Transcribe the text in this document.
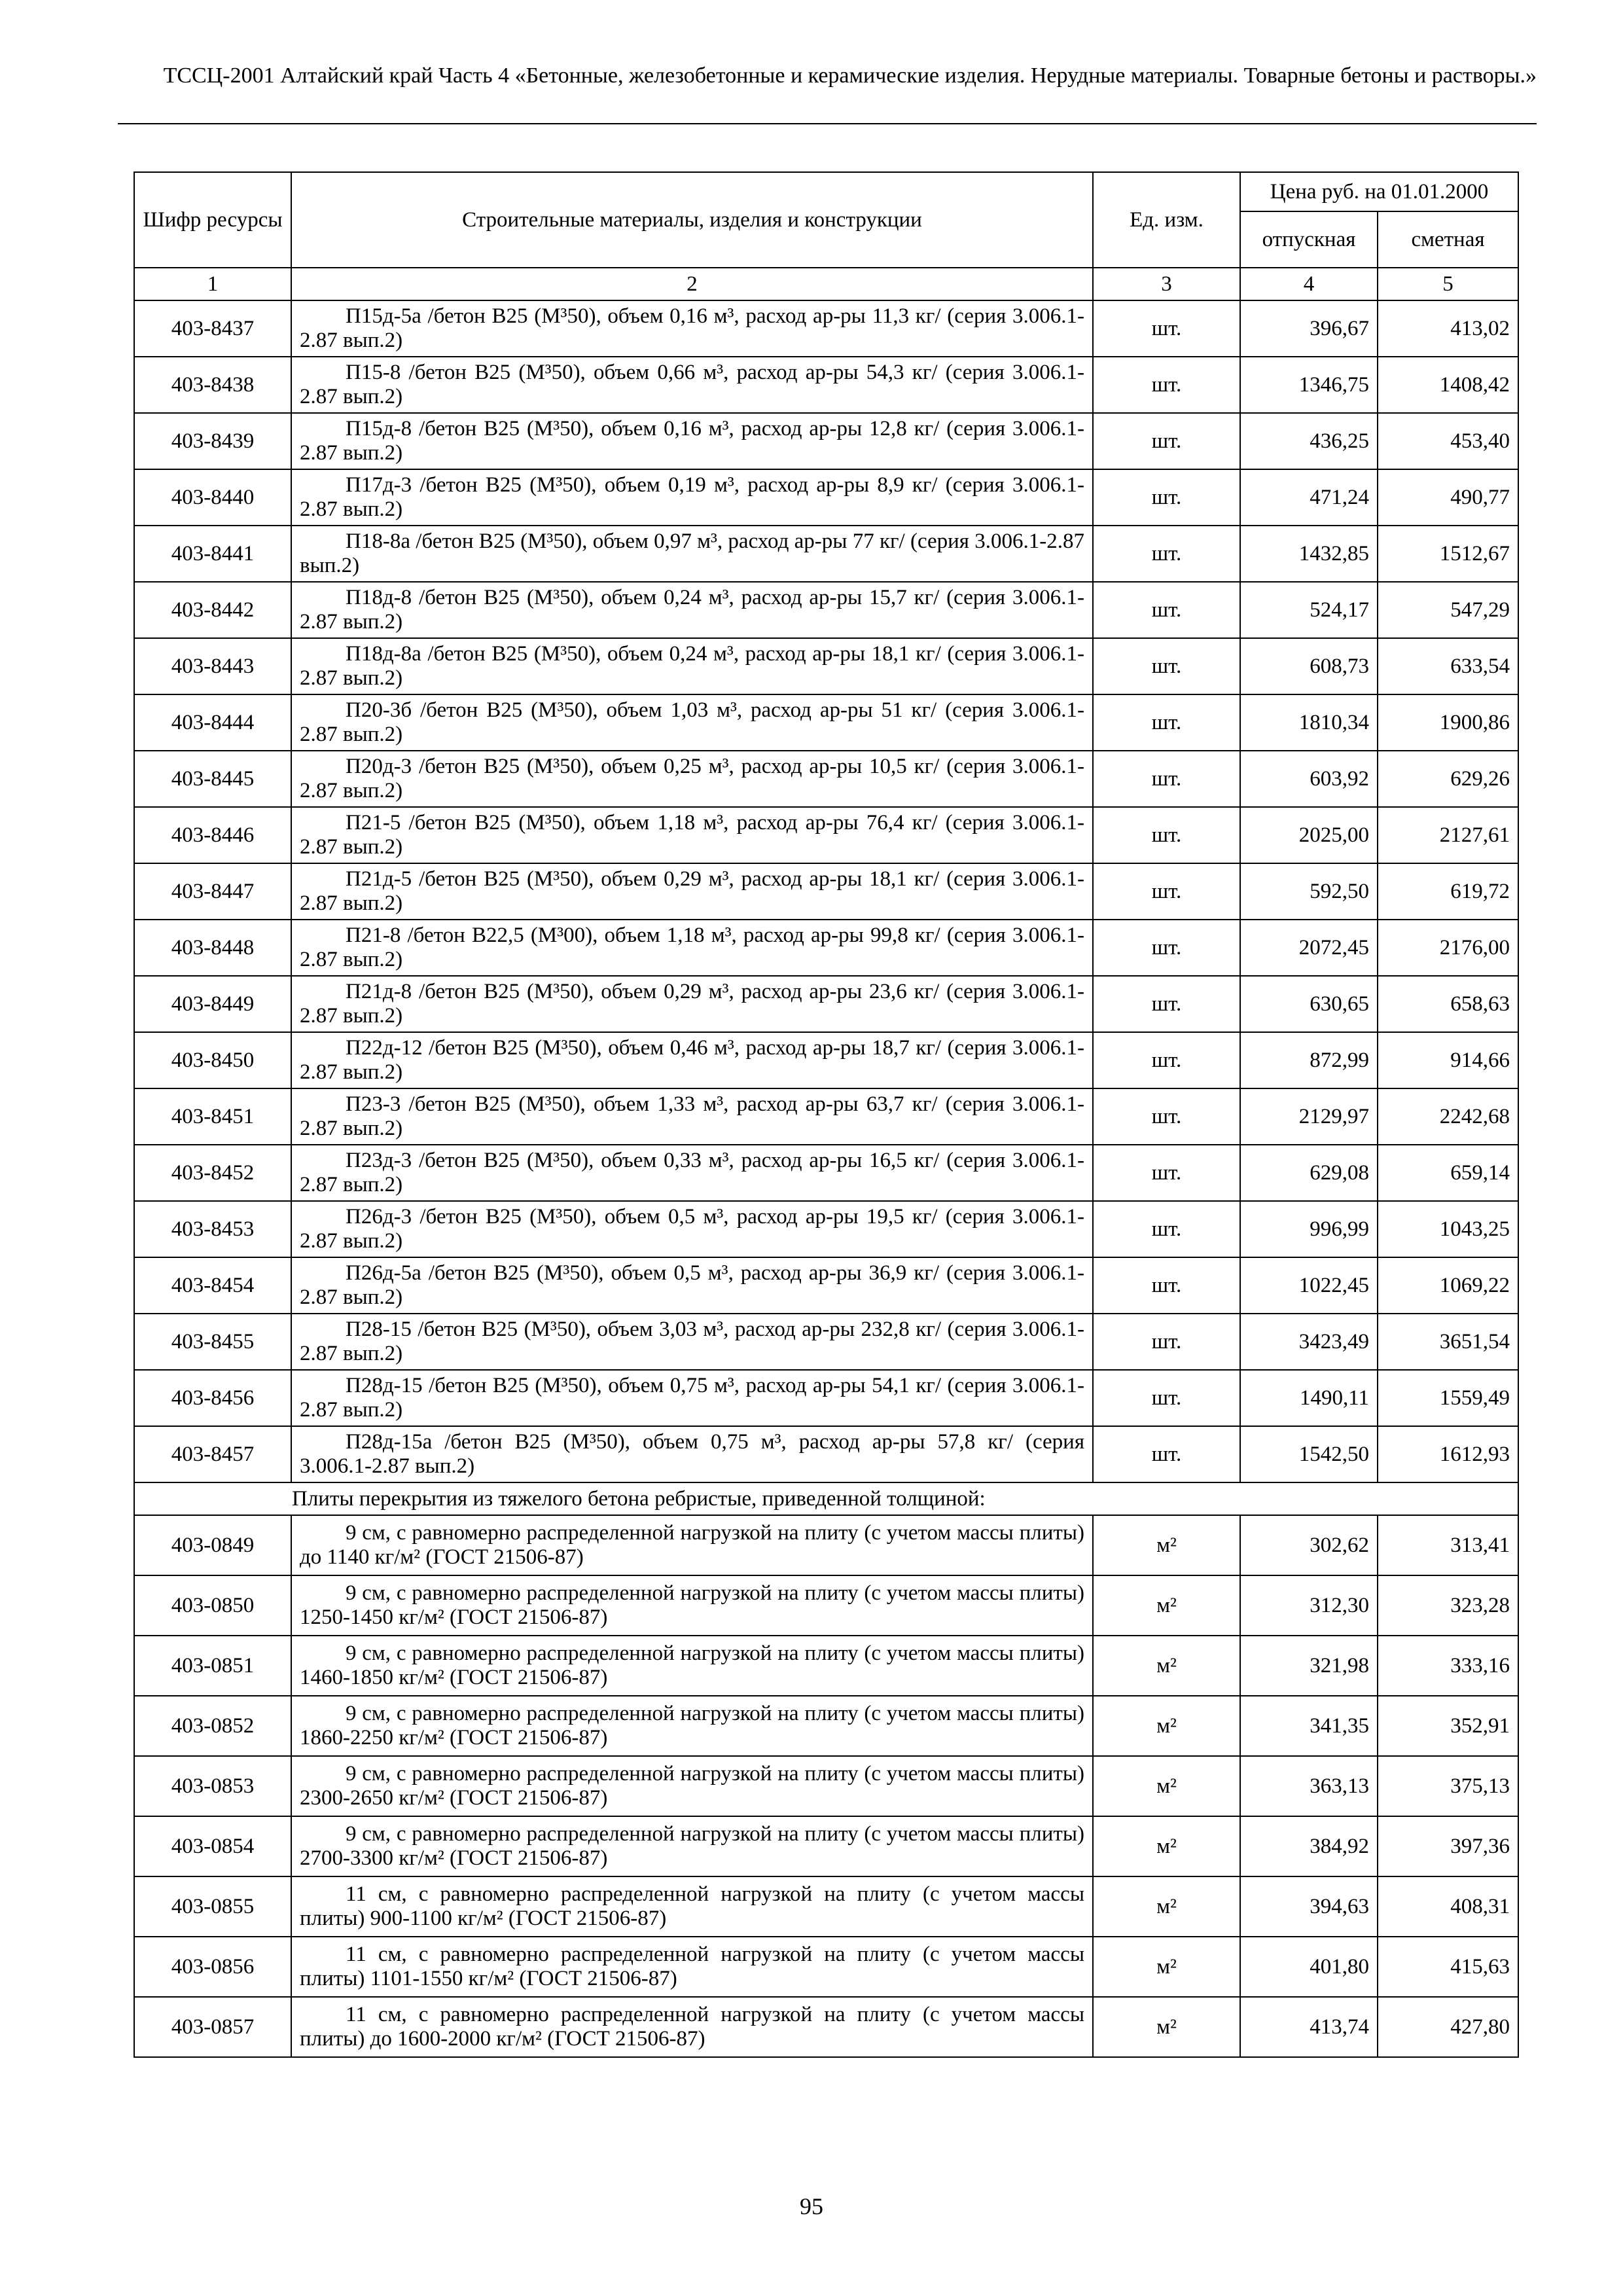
ТССЦ-2001 Алтайский край Часть 4 «Бетонные, железобетонные и керамические изделия. Нерудные материалы. Товарные бетоны и растворы.»
Шифр ресурсы	Строительные материалы, изделия и конструкции	Ед. изм.	Цена руб. на 01.01.2000	
			отпускная	сметная
1	2	3	4	5
403-8437	П15д-5а /бетон В25 (М³50), объем 0,16 м³, расход ар-ры 11,3 кг/ (серия 3.006.1-2.87 вып.2)	шт.	396,67	413,02
403-8438	П15-8 /бетон В25 (М³50), объем 0,66 м³, расход ар-ры 54,3 кг/ (серия 3.006.1-2.87 вып.2)	шт.	1346,75	1408,42
403-8439	П15д-8 /бетон В25 (М³50), объем 0,16 м³, расход ар-ры 12,8 кг/ (серия 3.006.1-2.87 вып.2)	шт.	436,25	453,40
403-8440	П17д-3 /бетон В25 (М³50), объем 0,19 м³, расход ар-ры 8,9 кг/ (серия 3.006.1-2.87 вып.2)	шт.	471,24	490,77
403-8441	П18-8а /бетон В25 (М³50), объем 0,97 м³, расход ар-ры 77 кг/ (серия 3.006.1-2.87 вып.2)	шт.	1432,85	1512,67
403-8442	П18д-8 /бетон В25 (М³50), объем 0,24 м³, расход ар-ры 15,7 кг/ (серия 3.006.1-2.87 вып.2)	шт.	524,17	547,29
403-8443	П18д-8а /бетон В25 (М³50), объем 0,24 м³, расход ар-ры 18,1 кг/ (серия 3.006.1-2.87 вып.2)	шт.	608,73	633,54
403-8444	П20-3б /бетон В25 (М³50), объем 1,03 м³, расход ар-ры 51 кг/ (серия 3.006.1-2.87 вып.2)	шт.	1810,34	1900,86
403-8445	П20д-3 /бетон В25 (М³50), объем 0,25 м³, расход ар-ры 10,5 кг/ (серия 3.006.1-2.87 вып.2)	шт.	603,92	629,26
403-8446	П21-5 /бетон В25 (М³50), объем 1,18 м³, расход ар-ры 76,4 кг/ (серия 3.006.1-2.87 вып.2)	шт.	2025,00	2127,61
403-8447	П21д-5 /бетон В25 (М³50), объем 0,29 м³, расход ар-ры 18,1 кг/ (серия 3.006.1-2.87 вып.2)	шт.	592,50	619,72
403-8448	П21-8 /бетон В22,5 (М³00), объем 1,18 м³, расход ар-ры 99,8 кг/ (серия 3.006.1-2.87 вып.2)	шт.	2072,45	2176,00
403-8449	П21д-8 /бетон В25 (М³50), объем 0,29 м³, расход ар-ры 23,6 кг/ (серия 3.006.1-2.87 вып.2)	шт.	630,65	658,63
403-8450	П22д-12 /бетон В25 (М³50), объем 0,46 м³, расход ар-ры 18,7 кг/ (серия 3.006.1-2.87 вып.2)	шт.	872,99	914,66
403-8451	П23-3 /бетон В25 (М³50), объем 1,33 м³, расход ар-ры 63,7 кг/ (серия 3.006.1-2.87 вып.2)	шт.	2129,97	2242,68
403-8452	П23д-3 /бетон В25 (М³50), объем 0,33 м³, расход ар-ры 16,5 кг/ (серия 3.006.1-2.87 вып.2)	шт.	629,08	659,14
403-8453	П26д-3 /бетон В25 (М³50), объем 0,5 м³, расход ар-ры 19,5 кг/ (серия 3.006.1-2.87 вып.2)	шт.	996,99	1043,25
403-8454	П26д-5а /бетон В25 (М³50), объем 0,5 м³, расход ар-ры 36,9 кг/ (серия 3.006.1-2.87 вып.2)	шт.	1022,45	1069,22
403-8455	П28-15 /бетон В25 (М³50), объем 3,03 м³, расход ар-ры 232,8 кг/ (серия 3.006.1-2.87 вып.2)	шт.	3423,49	3651,54
403-8456	П28д-15 /бетон В25 (М³50), объем 0,75 м³, расход ар-ры 54,1 кг/ (серия 3.006.1-2.87 вып.2)	шт.	1490,11	1559,49
403-8457	П28д-15а /бетон В25 (М³50), объем 0,75 м³, расход ар-ры 57,8 кг/ (серия 3.006.1-2.87 вып.2)	шт.	1542,50	1612,93
Плиты перекрытия из тяжелого бетона ребристые, приведенной толщиной:				
403-0849	9 см, с равномерно распределенной нагрузкой на плиту (с учетом массы плиты) до 1140 кг/м² (ГОСТ 21506-87)	м²	302,62	313,41
403-0850	9 см, с равномерно распределенной нагрузкой на плиту (с учетом массы плиты) 1250-1450 кг/м² (ГОСТ 21506-87)	м²	312,30	323,28
403-0851	9 см, с равномерно распределенной нагрузкой на плиту (с учетом массы плиты) 1460-1850 кг/м² (ГОСТ 21506-87)	м²	321,98	333,16
403-0852	9 см, с равномерно распределенной нагрузкой на плиту (с учетом массы плиты) 1860-2250 кг/м² (ГОСТ 21506-87)	м²	341,35	352,91
403-0853	9 см, с равномерно распределенной нагрузкой на плиту (с учетом массы плиты) 2300-2650 кг/м² (ГОСТ 21506-87)	м²	363,13	375,13
403-0854	9 см, с равномерно распределенной нагрузкой на плиту (с учетом массы плиты) 2700-3300 кг/м² (ГОСТ 21506-87)	м²	384,92	397,36
403-0855	11 см, с равномерно распределенной нагрузкой на плиту (с учетом массы плиты) 900-1100 кг/м² (ГОСТ 21506-87)	м²	394,63	408,31
403-0856	11 см, с равномерно распределенной нагрузкой на плиту (с учетом массы плиты) 1101-1550 кг/м² (ГОСТ 21506-87)	м²	401,80	415,63
403-0857	11 см, с равномерно распределенной нагрузкой на плиту (с учетом массы плиты) до 1600-2000 кг/м² (ГОСТ 21506-87)	м²	413,74	427,80
95
